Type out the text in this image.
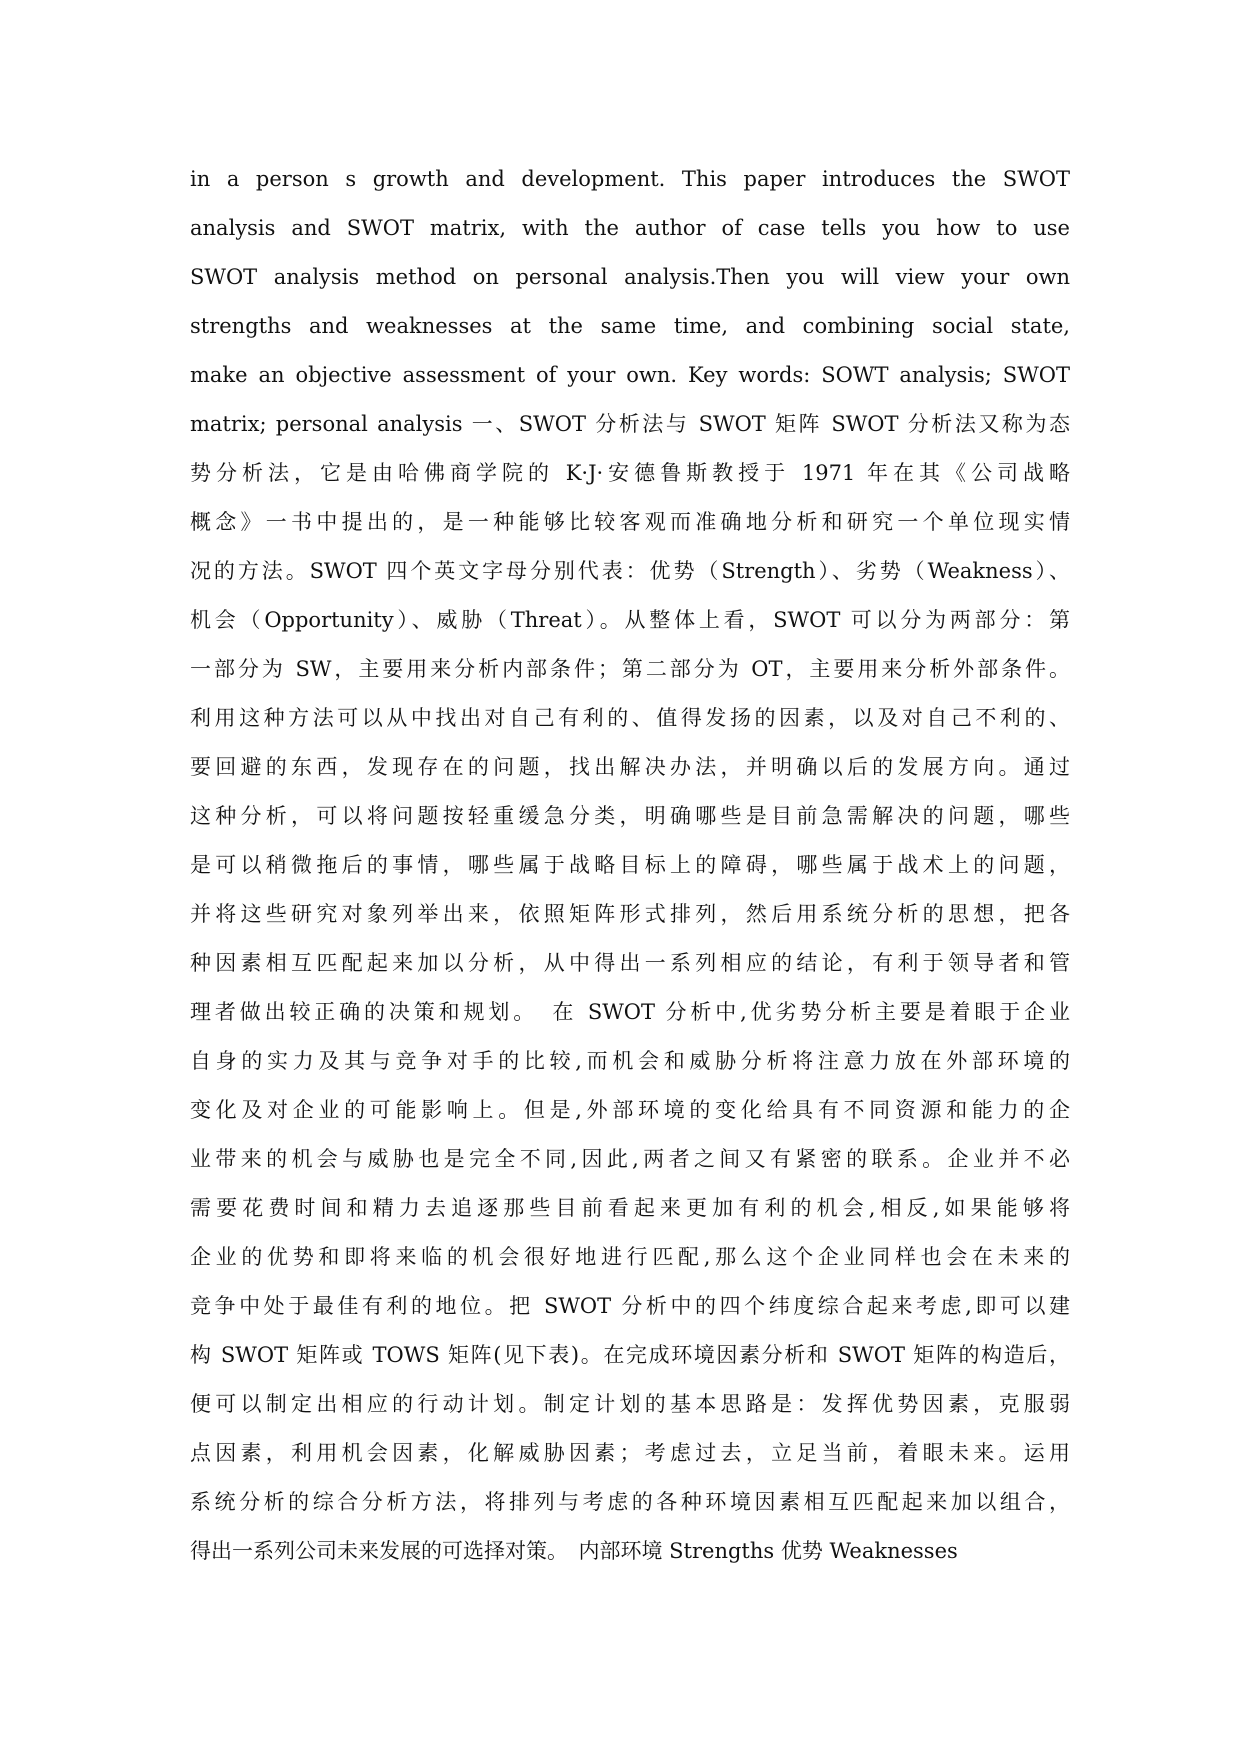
in a person s growth and development. This paper introduces the SWOT
analysis and SWOT matrix, with the author of case tells you how to use
SWOT analysis method on personal analysis.Then you will view your own
strengths and weaknesses at the same time, and combining social state,
make an objective assessment of your own. Key words: SOWT analysis; SWOT
matrix; personal analysis 一、SWOT 分析法与 SWOT 矩阵 SWOT 分析法又称为态
势分析法，它是由哈佛商学院的 K·J·安德鲁斯教授于 1971 年在其《公司战略
概念》一书中提出的，是一种能够比较客观而准确地分析和研究一个单位现实情
况的方法。SWOT 四个英文字母分别代表：优势（Strength）、劣势（Weakness）、
机会（Opportunity）、威胁（Threat）。从整体上看，SWOT 可以分为两部分：第
一部分为 SW，主要用来分析内部条件；第二部分为 OT，主要用来分析外部条件。
利用这种方法可以从中找出对自己有利的、值得发扬的因素，以及对自己不利的、
要回避的东西，发现存在的问题，找出解决办法，并明确以后的发展方向。通过
这种分析，可以将问题按轻重缓急分类，明确哪些是目前急需解决的问题，哪些
是可以稍微拖后的事情，哪些属于战略目标上的障碍，哪些属于战术上的问题，
并将这些研究对象列举出来，依照矩阵形式排列，然后用系统分析的思想，把各
种因素相互匹配起来加以分析，从中得出一系列相应的结论，有利于领导者和管
理者做出较正确的决策和规划。　在 SWOT 分析中,优劣势分析主要是着眼于企业
自身的实力及其与竞争对手的比较,而机会和威胁分析将注意力放在外部环境的
变化及对企业的可能影响上。但是,外部环境的变化给具有不同资源和能力的企
业带来的机会与威胁也是完全不同,因此,两者之间又有紧密的联系。企业并不必
需要花费时间和精力去追逐那些目前看起来更加有利的机会,相反,如果能够将
企业的优势和即将来临的机会很好地进行匹配,那么这个企业同样也会在未来的
竞争中处于最佳有利的地位。把 SWOT 分析中的四个纬度综合起来考虑,即可以建
构 SWOT 矩阵或 TOWS 矩阵(见下表)。在完成环境因素分析和 SWOT 矩阵的构造后，
便可以制定出相应的行动计划。制定计划的基本思路是：发挥优势因素，克服弱
点因素，利用机会因素，化解威胁因素；考虑过去，立足当前，着眼未来。运用
系统分析的综合分析方法，将排列与考虑的各种环境因素相互匹配起来加以组合，
得出一系列公司未来发展的可选择对策。　内部环境 Strengths 优势 Weaknesses
